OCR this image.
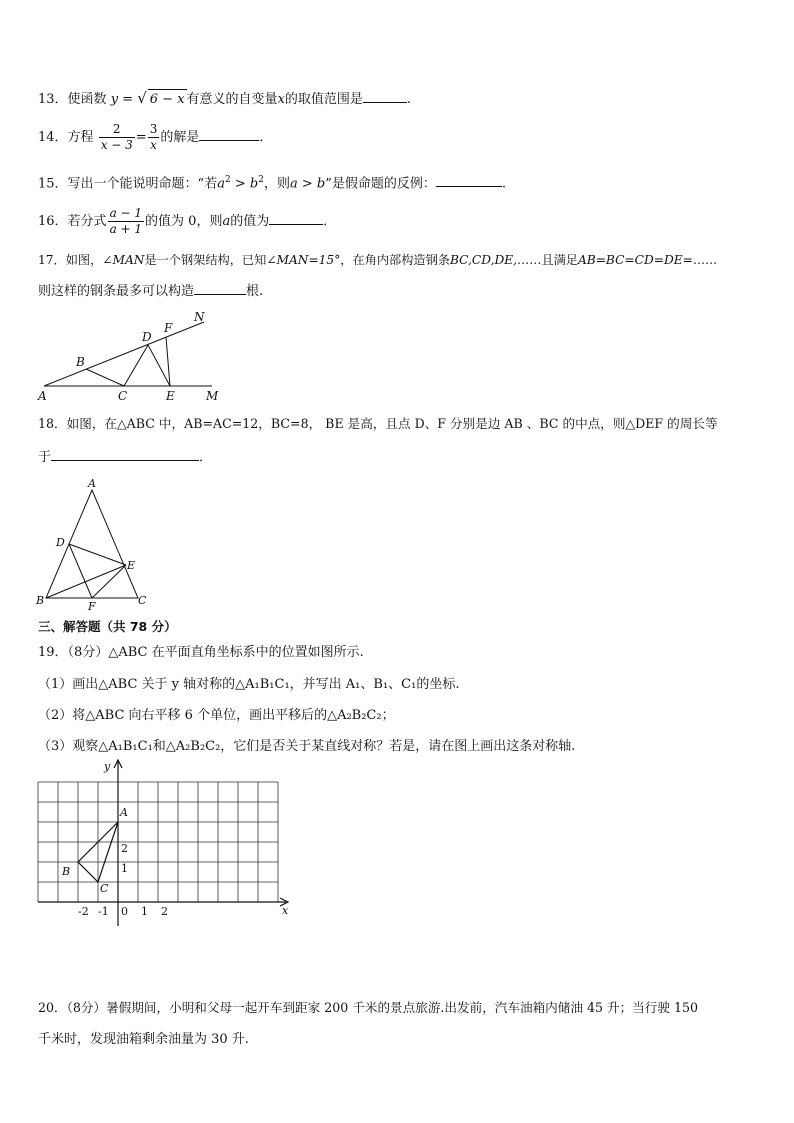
13．使函数 y = √ 6 − x 有意义的自变量x的取值范围是	.
14．方程 $\frac{2}{x - 3} = \frac{3}{x}$ 的解是	．
15．写出一个能说明命题：“若$a^2 > b^2$，则a > b”是假命题的反例：	.
16．若分式 $\frac{a - 1}{a + 1}$ 的值为 0，则a的值为	．
17．如图，∠MAN是一个钢架结构，已知∠MAN=15°，在角内部构造钢条BC,CD,DE,……且满足AB=BC=CD=DE=……
则这样的钢条最多可以构造	根.
A
B
C
D
E
F
M
N
18．如图，在△ABC 中，AB=AC=12，BC=8， BE 是高，且点 D、F 分别是边 AB 、BC 的中点，则△DEF 的周长等
于	．
A
B	C
D
E
F
三、解答题（共 78 分）
19．（8分）△ABC 在平面直角坐标系中的位置如图所示.
（1）画出△ABC 关于 y 轴对称的△A₁B₁C₁，并写出 A₁、B₁、C₁的坐标.
（2）将△ABC 向右平移 6 个单位，画出平移后的△A₂B₂C₂；
（3）观察△A₁B₁C₁和△A₂B₂C₂，它们是否关于某直线对称？若是，请在图上画出这条对称轴.
y
x
A
B
C
-2 -1 0 1 2
1
2
20．（8分）暑假期间，小明和父母一起开车到距家 200 千米的景点旅游.出发前，汽车油箱内储油 45 升；当行驶 150
千米时，发现油箱剩余油量为 30 升.
